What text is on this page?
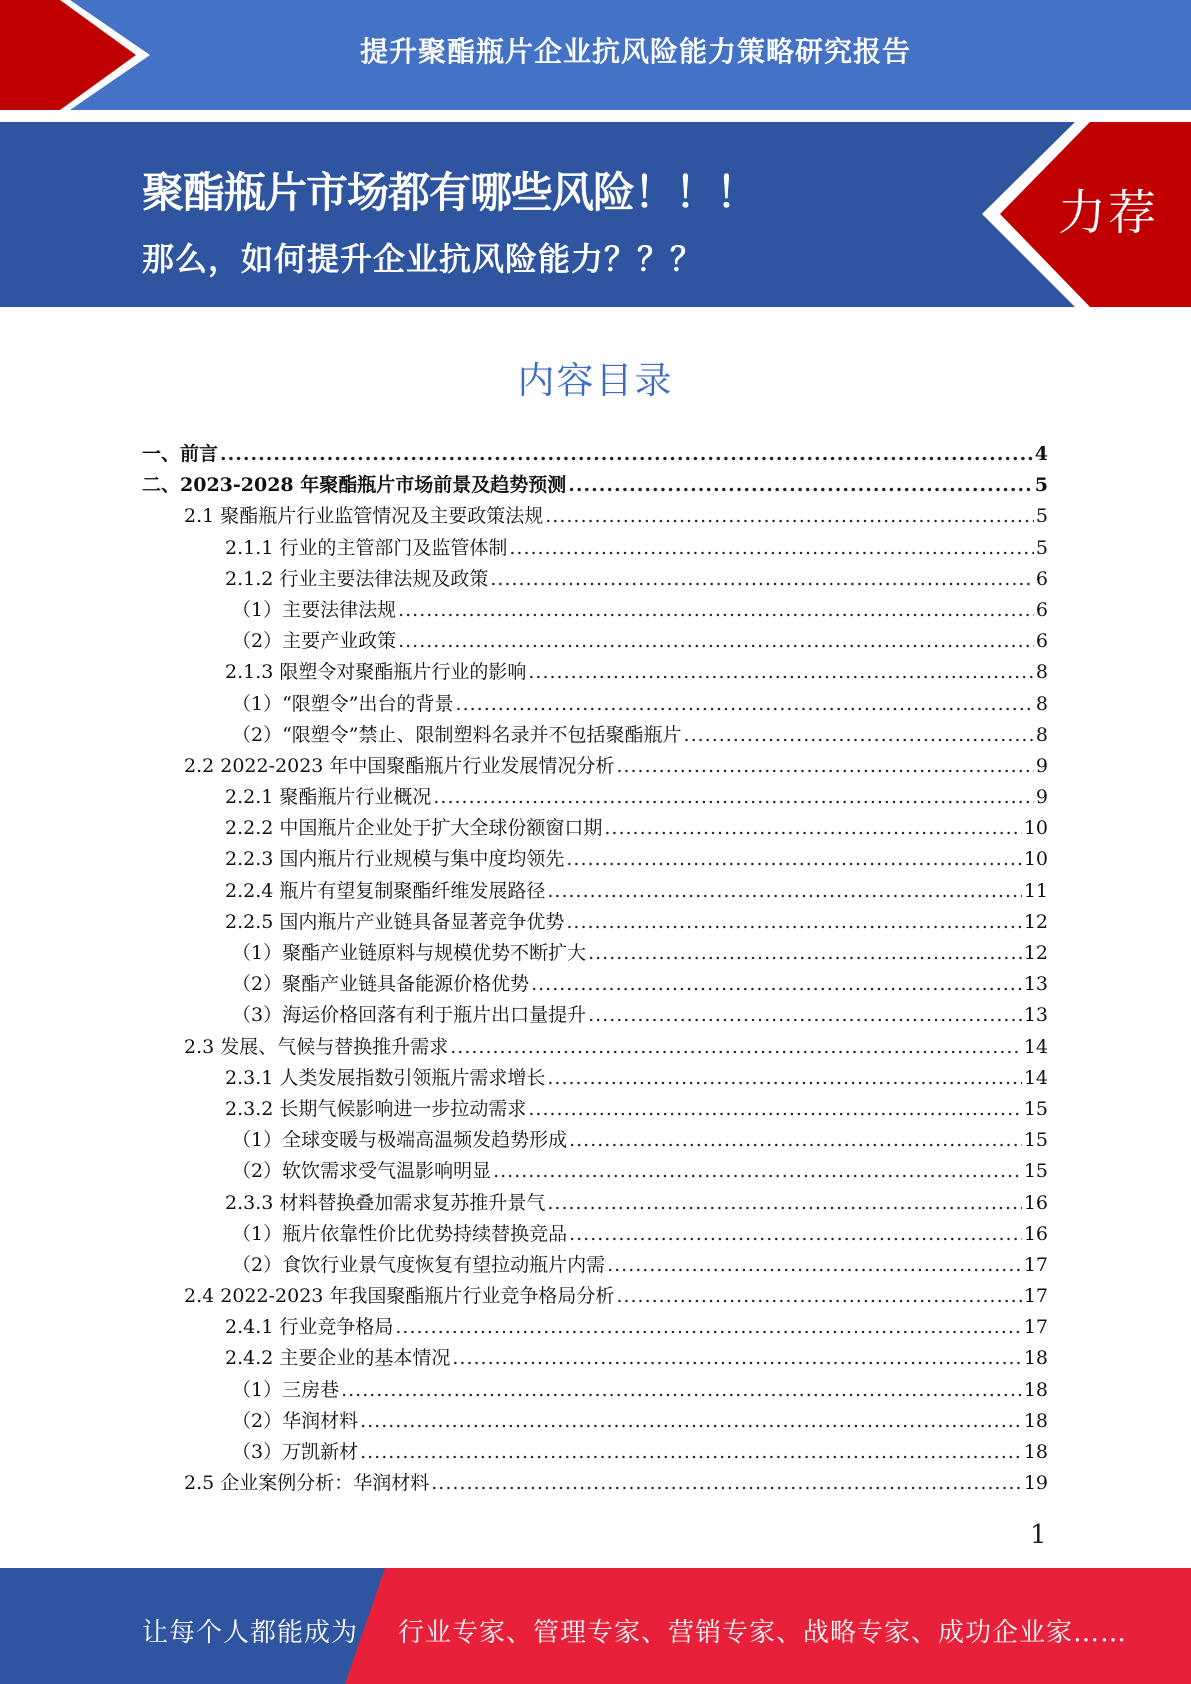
提升聚酯瓶片企业抗风险能力策略研究报告
聚酯瓶片市场都有哪些风险！！！
那么，如何提升企业抗风险能力？？？
力荐
内容目录
一、前言 .....	4
二、2023-2028 年聚酯瓶片市场前景及趋势预测 .....	5
2.1 聚酯瓶片行业监管情况及主要政策法规 .....	5
2.1.1 行业的主管部门及监管体制 .....	5
2.1.2 行业主要法律法规及政策 .....	6
（1）主要法律法规 .....	6
（2）主要产业政策 .....	6
2.1.3 限塑令对聚酯瓶片行业的影响 .....	8
（1）“限塑令”出台的背景 .....	8
（2）“限塑令”禁止、限制塑料名录并不包括聚酯瓶片 .....	8
2.2 2022-2023 年中国聚酯瓶片行业发展情况分析 .....	9
2.2.1 聚酯瓶片行业概况 .....	9
2.2.2 中国瓶片企业处于扩大全球份额窗口期 .....	10
2.2.3 国内瓶片行业规模与集中度均领先 .....	10
2.2.4 瓶片有望复制聚酯纤维发展路径 .....	11
2.2.5 国内瓶片产业链具备显著竞争优势 .....	12
（1）聚酯产业链原料与规模优势不断扩大 .....	12
（2）聚酯产业链具备能源价格优势 .....	13
（3）海运价格回落有利于瓶片出口量提升 .....	13
2.3 发展、气候与替换推升需求 .....	14
2.3.1 人类发展指数引领瓶片需求增长 .....	14
2.3.2 长期气候影响进一步拉动需求 .....	15
（1）全球变暖与极端高温频发趋势形成 .....	15
（2）软饮需求受气温影响明显 .....	15
2.3.3 材料替换叠加需求复苏推升景气 .....	16
（1）瓶片依靠性价比优势持续替换竞品 .....	16
（2）食饮行业景气度恢复有望拉动瓶片内需 .....	17
2.4 2022-2023 年我国聚酯瓶片行业竞争格局分析 .....	17
2.4.1 行业竞争格局 .....	17
2.4.2 主要企业的基本情况 .....	18
（1）三房巷 .....	18
（2）华润材料 .....	18
（3）万凯新材 .....	18
2.5 企业案例分析：华润材料 .....	19
1
让每个人都能成为 行业专家、管理专家、营销专家、战略专家、成功企业家……
